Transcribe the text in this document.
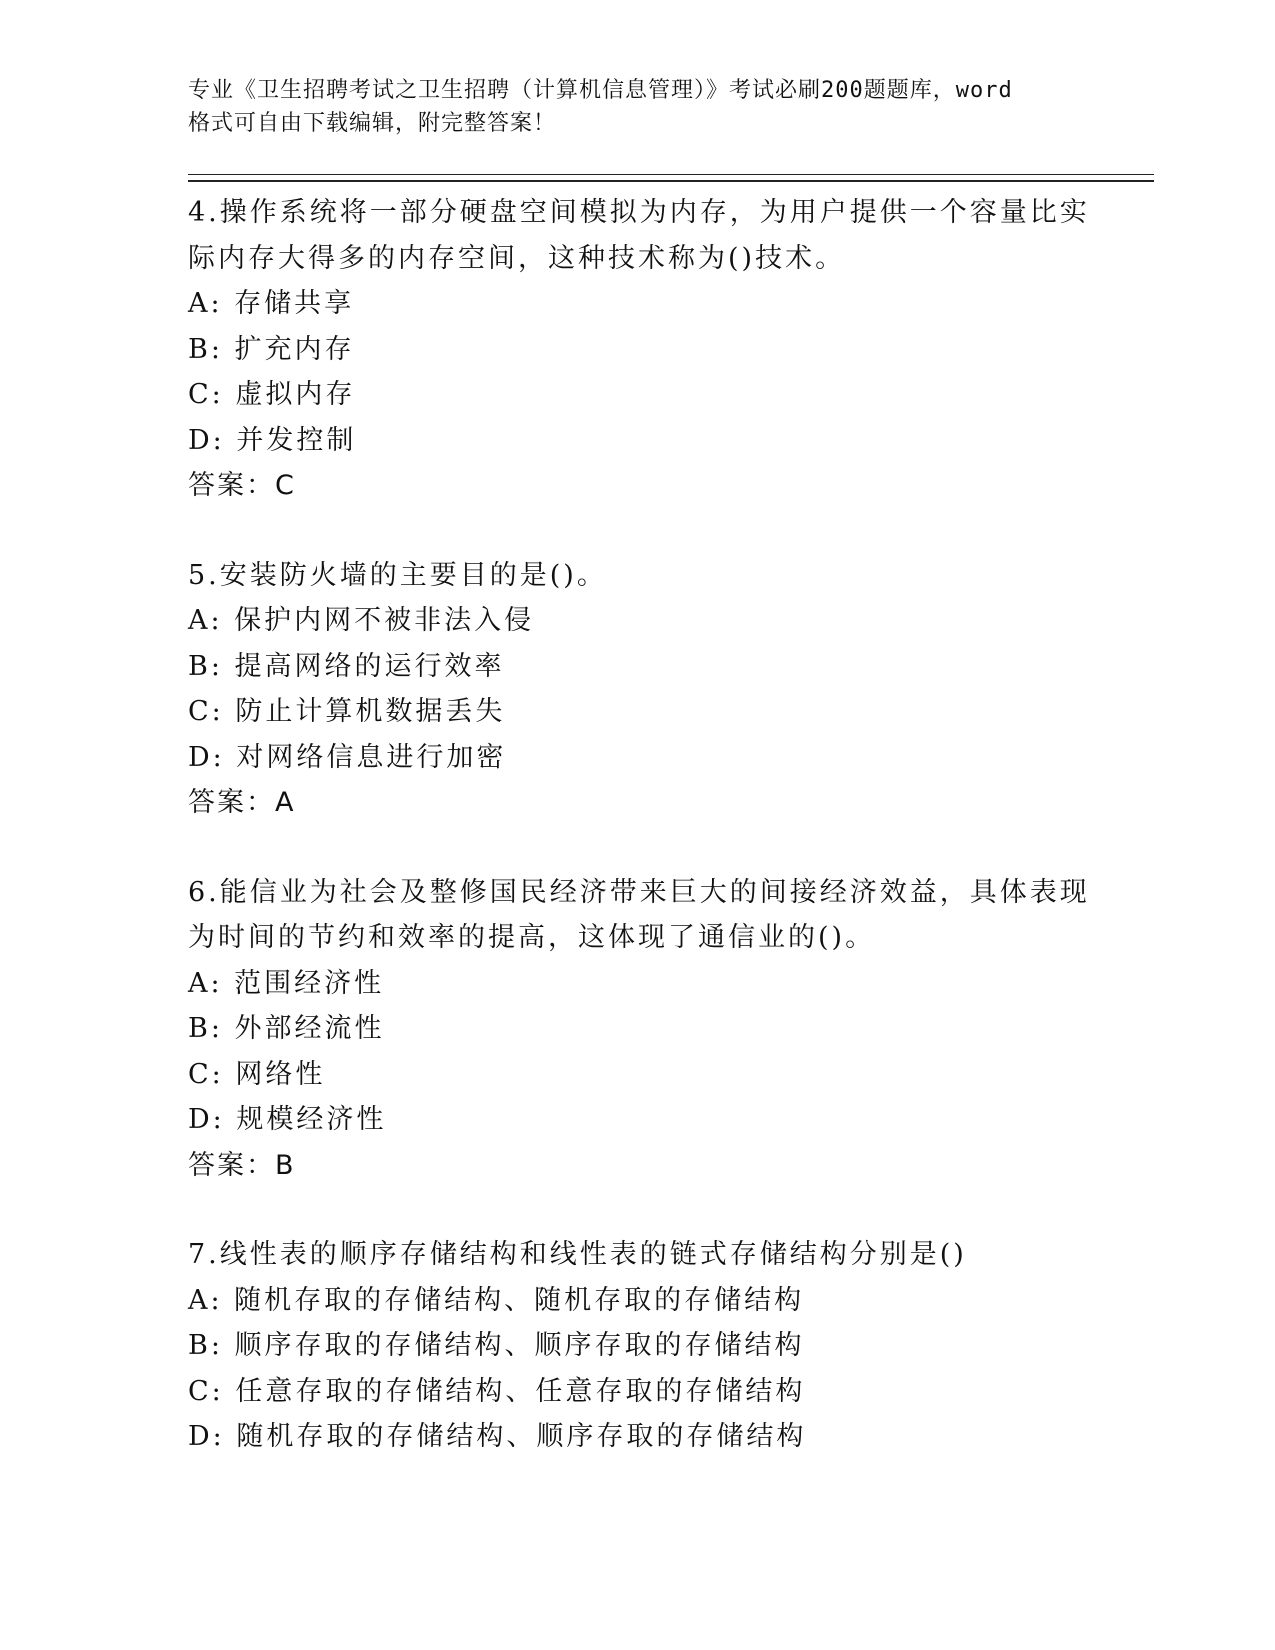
专业《卫生招聘考试之卫生招聘（计算机信息管理）》考试必刷200题题库，word
格式可自由下载编辑，附完整答案！
4.操作系统将一部分硬盘空间模拟为内存，为用户提供一个容量比实
际内存大得多的内存空间，这种技术称为()技术。
A: 存储共享
B: 扩充内存
C: 虚拟内存
D: 并发控制
答案：C
5.安装防火墙的主要目的是()。
A: 保护内网不被非法入侵
B: 提高网络的运行效率
C: 防止计算机数据丢失
D: 对网络信息进行加密
答案：A
6.能信业为社会及整修国民经济带来巨大的间接经济效益，具体表现
为时间的节约和效率的提高，这体现了通信业的()。
A: 范围经济性
B: 外部经流性
C: 网络性
D: 规模经济性
答案：B
7.线性表的顺序存储结构和线性表的链式存储结构分别是()
A: 随机存取的存储结构、随机存取的存储结构
B: 顺序存取的存储结构、顺序存取的存储结构
C: 任意存取的存储结构、任意存取的存储结构
D: 随机存取的存储结构、顺序存取的存储结构
